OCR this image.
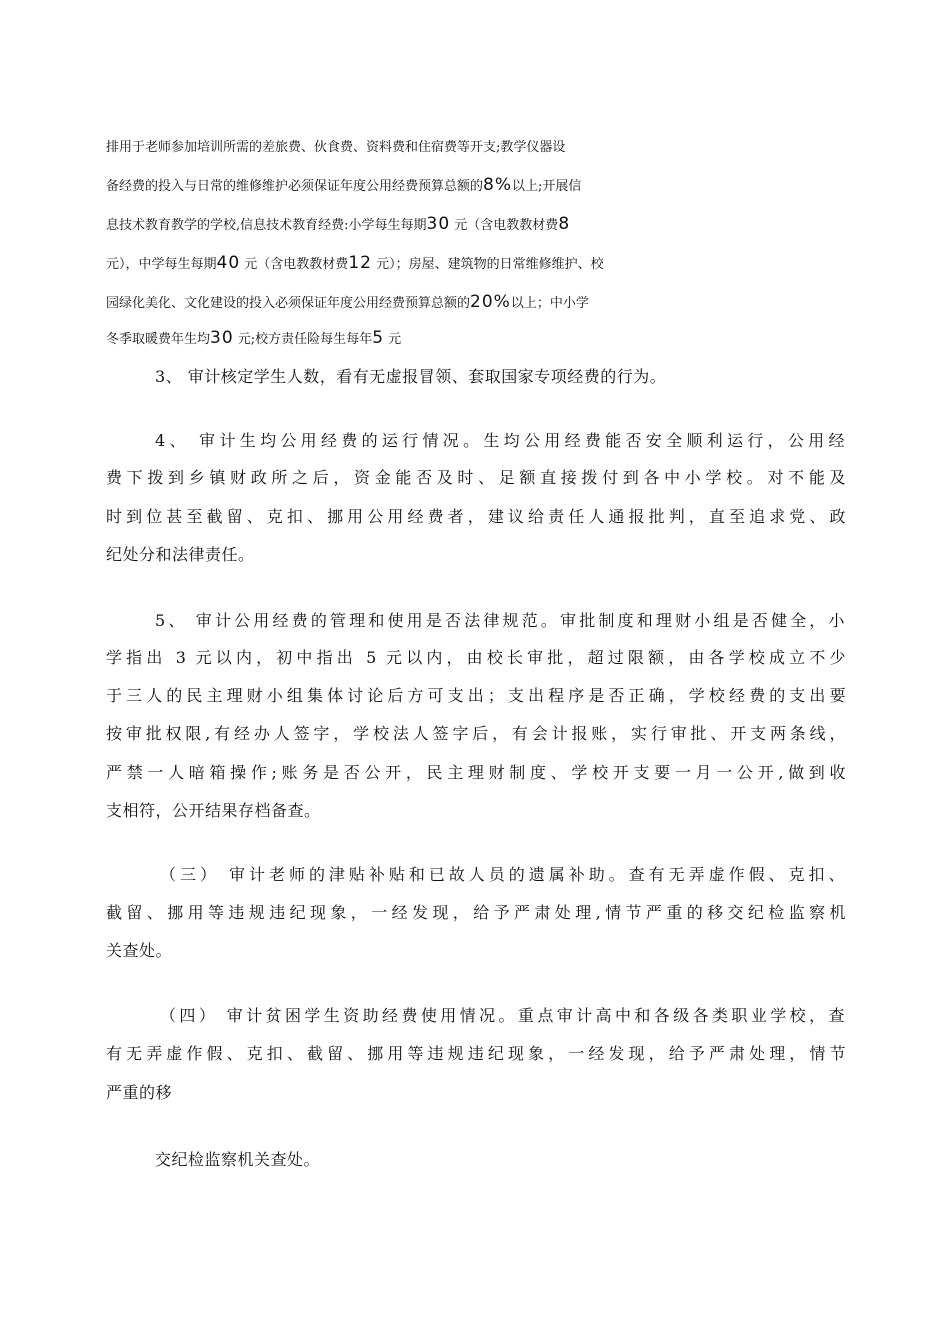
排用于老师参加培训所需的差旅费、伙食费、资料费和住宿费等开支;教学仪器设
备经费的投入与日常的维修维护必须保证年度公用经费预算总额的8%以上;开展信
息技术教育教学的学校,信息技术教育经费:小学每生每期30 元（含电教教材费8
元），中学每生每期40 元（含电教教材费12 元）；房屋、建筑物的日常维修维护、校
园绿化美化、文化建设的投入必须保证年度公用经费预算总额的20%以上；中小学
冬季取暖费年生均30 元;校方责任险每生每年5 元
3、 审计核定学生人数，看有无虚报冒领、套取国家专项经费的行为。
4、 审计生均公用经费的运行情况。生均公用经费能否安全顺利运行，公用经
费下拨到乡镇财政所之后，资金能否及时、足额直接拨付到各中小学校。对不能及
时到位甚至截留、克扣、挪用公用经费者，建议给责任人通报批判，直至追求党、政
纪处分和法律责任。
5、 审计公用经费的管理和使用是否法律规范。审批制度和理财小组是否健全，小
学指出 3 元以内，初中指出 5 元以内，由校长审批，超过限额，由各学校成立不少
于三人的民主理财小组集体讨论后方可支出；支出程序是否正确，学校经费的支出要
按审批权限,有经办人签字，学校法人签字后，有会计报账，实行审批、开支两条线，
严禁一人暗箱操作;账务是否公开，民主理财制度、学校开支要一月一公开,做到收
支相符，公开结果存档备查。
（三） 审计老师的津贴补贴和已故人员的遗属补助。查有无弄虚作假、克扣、
截留、挪用等违规违纪现象，一经发现，给予严肃处理,情节严重的移交纪检监察机
关查处。
（四） 审计贫困学生资助经费使用情况。重点审计高中和各级各类职业学校，查
有无弄虚作假、克扣、截留、挪用等违规违纪现象，一经发现，给予严肃处理，情节
严重的移
交纪检监察机关查处。
